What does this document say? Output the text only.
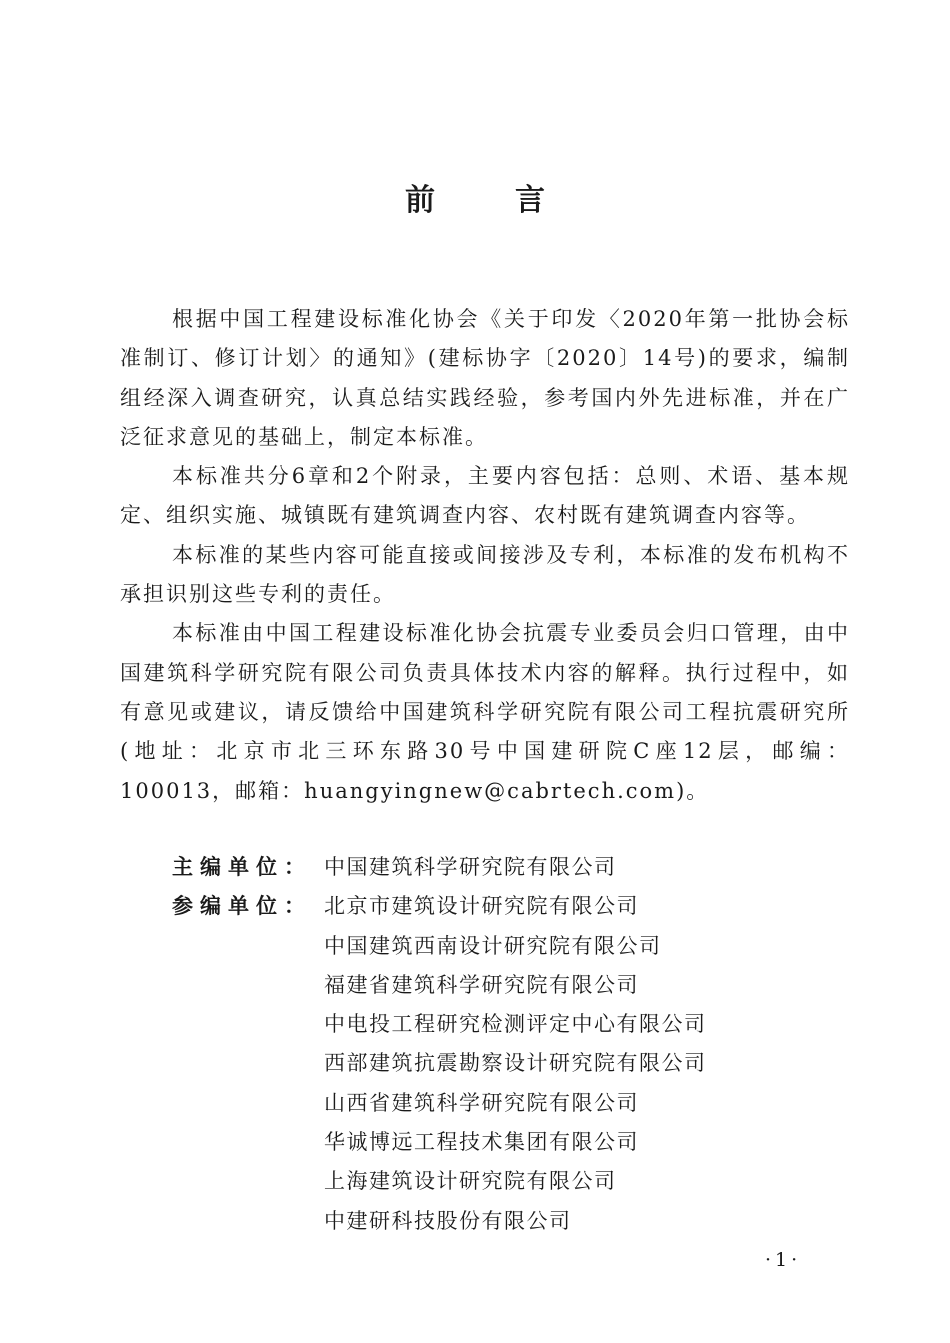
前言

根据中国工程建设标准化协会《关于印发〈2020年第一批协会标准制订、修订计划〉的通知》(建标协字〔2020〕14号)的要求，编制组经深入调查研究，认真总结实践经验，参考国内外先进标准，并在广泛征求意见的基础上，制定本标准。

本标准共分6章和2个附录，主要内容包括：总则、术语、基本规定、组织实施、城镇既有建筑调查内容、农村既有建筑调查内容等。

本标准的某些内容可能直接或间接涉及专利，本标准的发布机构不承担识别这些专利的责任。

本标准由中国工程建设标准化协会抗震专业委员会归口管理，由中国建筑科学研究院有限公司负责具体技术内容的解释。执行过程中，如有意见或建议，请反馈给中国建筑科学研究院有限公司工程抗震研究所(地址：北京市北三环东路30号中国建研院C座12层，邮编：100013，邮箱：huangyingnew@cabrtech.com)。

主编单位： 中国建筑科学研究院有限公司
参编单位： 北京市建筑设计研究院有限公司
中国建筑西南设计研究院有限公司
福建省建筑科学研究院有限公司
中电投工程研究检测评定中心有限公司
西部建筑抗震勘察设计研究院有限公司
山西省建筑科学研究院有限公司
华诚博远工程技术集团有限公司
上海建筑设计研究院有限公司
中建研科技股份有限公司
·1·
